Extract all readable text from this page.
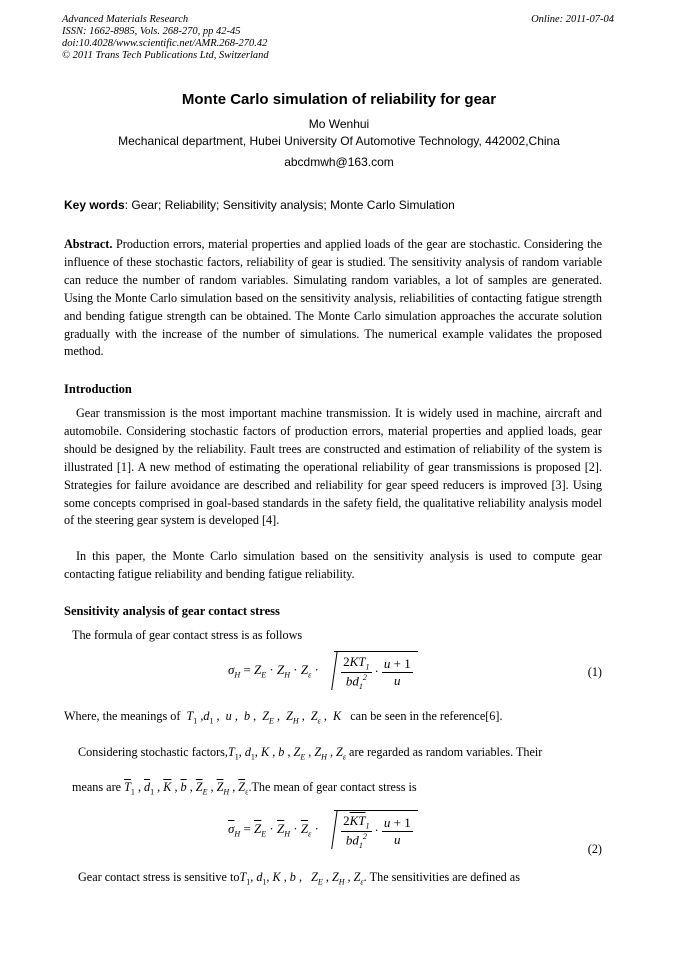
Advanced Materials Research
ISSN: 1662-8985, Vols. 268-270, pp 42-45
doi:10.4028/www.scientific.net/AMR.268-270.42
© 2011 Trans Tech Publications Ltd, Switzerland
Online: 2011-07-04
Monte Carlo simulation of reliability for gear
Mo Wenhui
Mechanical department, Hubei University Of Automotive Technology, 442002,China
abcdmwh@163.com
Key words: Gear; Reliability; Sensitivity analysis; Monte Carlo Simulation
Abstract. Production errors, material properties and applied loads of the gear are stochastic. Considering the influence of these stochastic factors, reliability of gear is studied. The sensitivity analysis of random variable can reduce the number of random variables. Simulating random variables, a lot of samples are generated. Using the Monte Carlo simulation based on the sensitivity analysis, reliabilities of contacting fatigue strength and bending fatigue strength can be obtained. The Monte Carlo simulation approaches the accurate solution gradually with the increase of the number of simulations. The numerical example validates the proposed method.
Introduction
Gear transmission is the most important machine transmission. It is widely used in machine, aircraft and automobile. Considering stochastic factors of production errors, material properties and applied loads, gear should be designed by the reliability. Fault trees are constructed and estimation of reliability of the system is illustrated [1]. A new method of estimating the operational reliability of gear transmissions is proposed [2]. Strategies for failure avoidance are described and reliability for gear speed reducers is improved [3]. Using some concepts comprised in goal-based standards in the safety field, the qualitative reliability analysis model of the steering gear system is developed [4].
In this paper, the Monte Carlo simulation based on the sensitivity analysis is used to compute gear contacting fatigue reliability and bending fatigue reliability.
Sensitivity analysis of gear contact stress
The formula of gear contact stress is as follows
$\sigma_H = Z_E \cdot Z_H \cdot Z_\varepsilon \cdot \frac{2KT_1}{bd_1^2} \cdot \frac{u + 1}{u}$	(1)
Where, the meanings of $T_1$ $,d_1$ ,  u ,  b ,  $Z_E$ ,  $Z_H$ ,  $Z_\varepsilon$ ,  K can be seen in the reference[6].
Considering stochastic $factors,T_1$, $d_1$, K , b , $Z_E$ , $Z_H$ , $Z_\varepsilon$ are regarded as random variables. Their
means are $\overline{T}_1$ , $\overline{d}_1$ , $\overline{K}$ , $\overline{b}$ , $\overline{Z}_E$ , $\overline{Z}_H$ , $\overline{Z}_\varepsilon.The$ mean of gear contact stress is
$\overline{\sigma}_H = \overline{Z}_E \cdot \overline{Z}_H \cdot \overline{Z}_\varepsilon \cdot \frac{2\overline{KT}_1}{\overline{bd}_1^2} \cdot \frac{u + 1}{u}$
(2)
Gear contact stress is sensitive toT$_1$, $d_1$, K , b ,   $Z_E$ , $Z_H$ , $Z_\varepsilon$. The sensitivities are defined as
